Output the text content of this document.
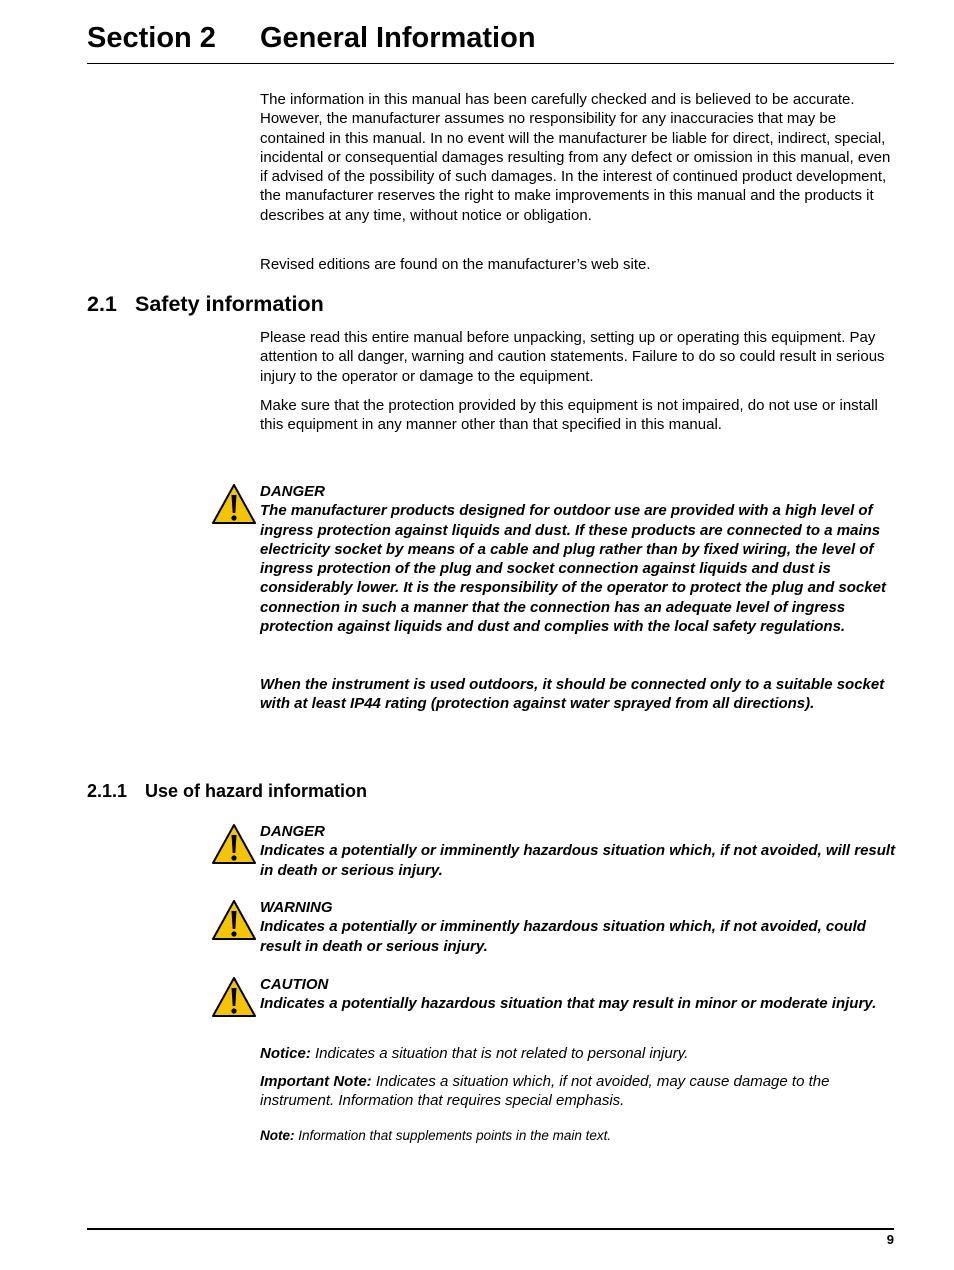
Section 2 General Information

The information in this manual has been carefully checked and is believed to be accurate. However, the manufacturer assumes no responsibility for any inaccuracies that may be contained in this manual. In no event will the manufacturer be liable for direct, indirect, special, incidental or consequential damages resulting from any defect or omission in this manual, even if advised of the possibility of such damages. In the interest of continued product development, the manufacturer reserves the right to make improvements in this manual and the products it describes at any time, without notice or obligation.

Revised editions are found on the manufacturer’s web site.

2.1 Safety information

Please read this entire manual before unpacking, setting up or operating this equipment. Pay attention to all danger, warning and caution statements. Failure to do so could result in serious injury to the operator or damage to the equipment.

Make sure that the protection provided by this equipment is not impaired, do not use or install this equipment in any manner other than that specified in this manual.

DANGER
The manufacturer products designed for outdoor use are provided with a high level of ingress protection against liquids and dust. If these products are connected to a mains electricity socket by means of a cable and plug rather than by fixed wiring, the level of ingress protection of the plug and socket connection against liquids and dust is considerably lower. It is the responsibility of the operator to protect the plug and socket connection in such a manner that the connection has an adequate level of ingress protection against liquids and dust and complies with the local safety regulations.
When the instrument is used outdoors, it should be connected only to a suitable socket with at least IP44 rating (protection against water sprayed from all directions).
2.1.1 Use of hazard information
DANGER
Indicates a potentially or imminently hazardous situation which, if not avoided, will result in death or serious injury.
WARNING
Indicates a potentially or imminently hazardous situation which, if not avoided, could result in death or serious injury.
CAUTION
Indicates a potentially hazardous situation that may result in minor or moderate injury.

Notice: Indicates a situation that is not related to personal injury.

Important Note: Indicates a situation which, if not avoided, may cause damage to the instrument. Information that requires special emphasis.

Note: Information that supplements points in the main text.

9
